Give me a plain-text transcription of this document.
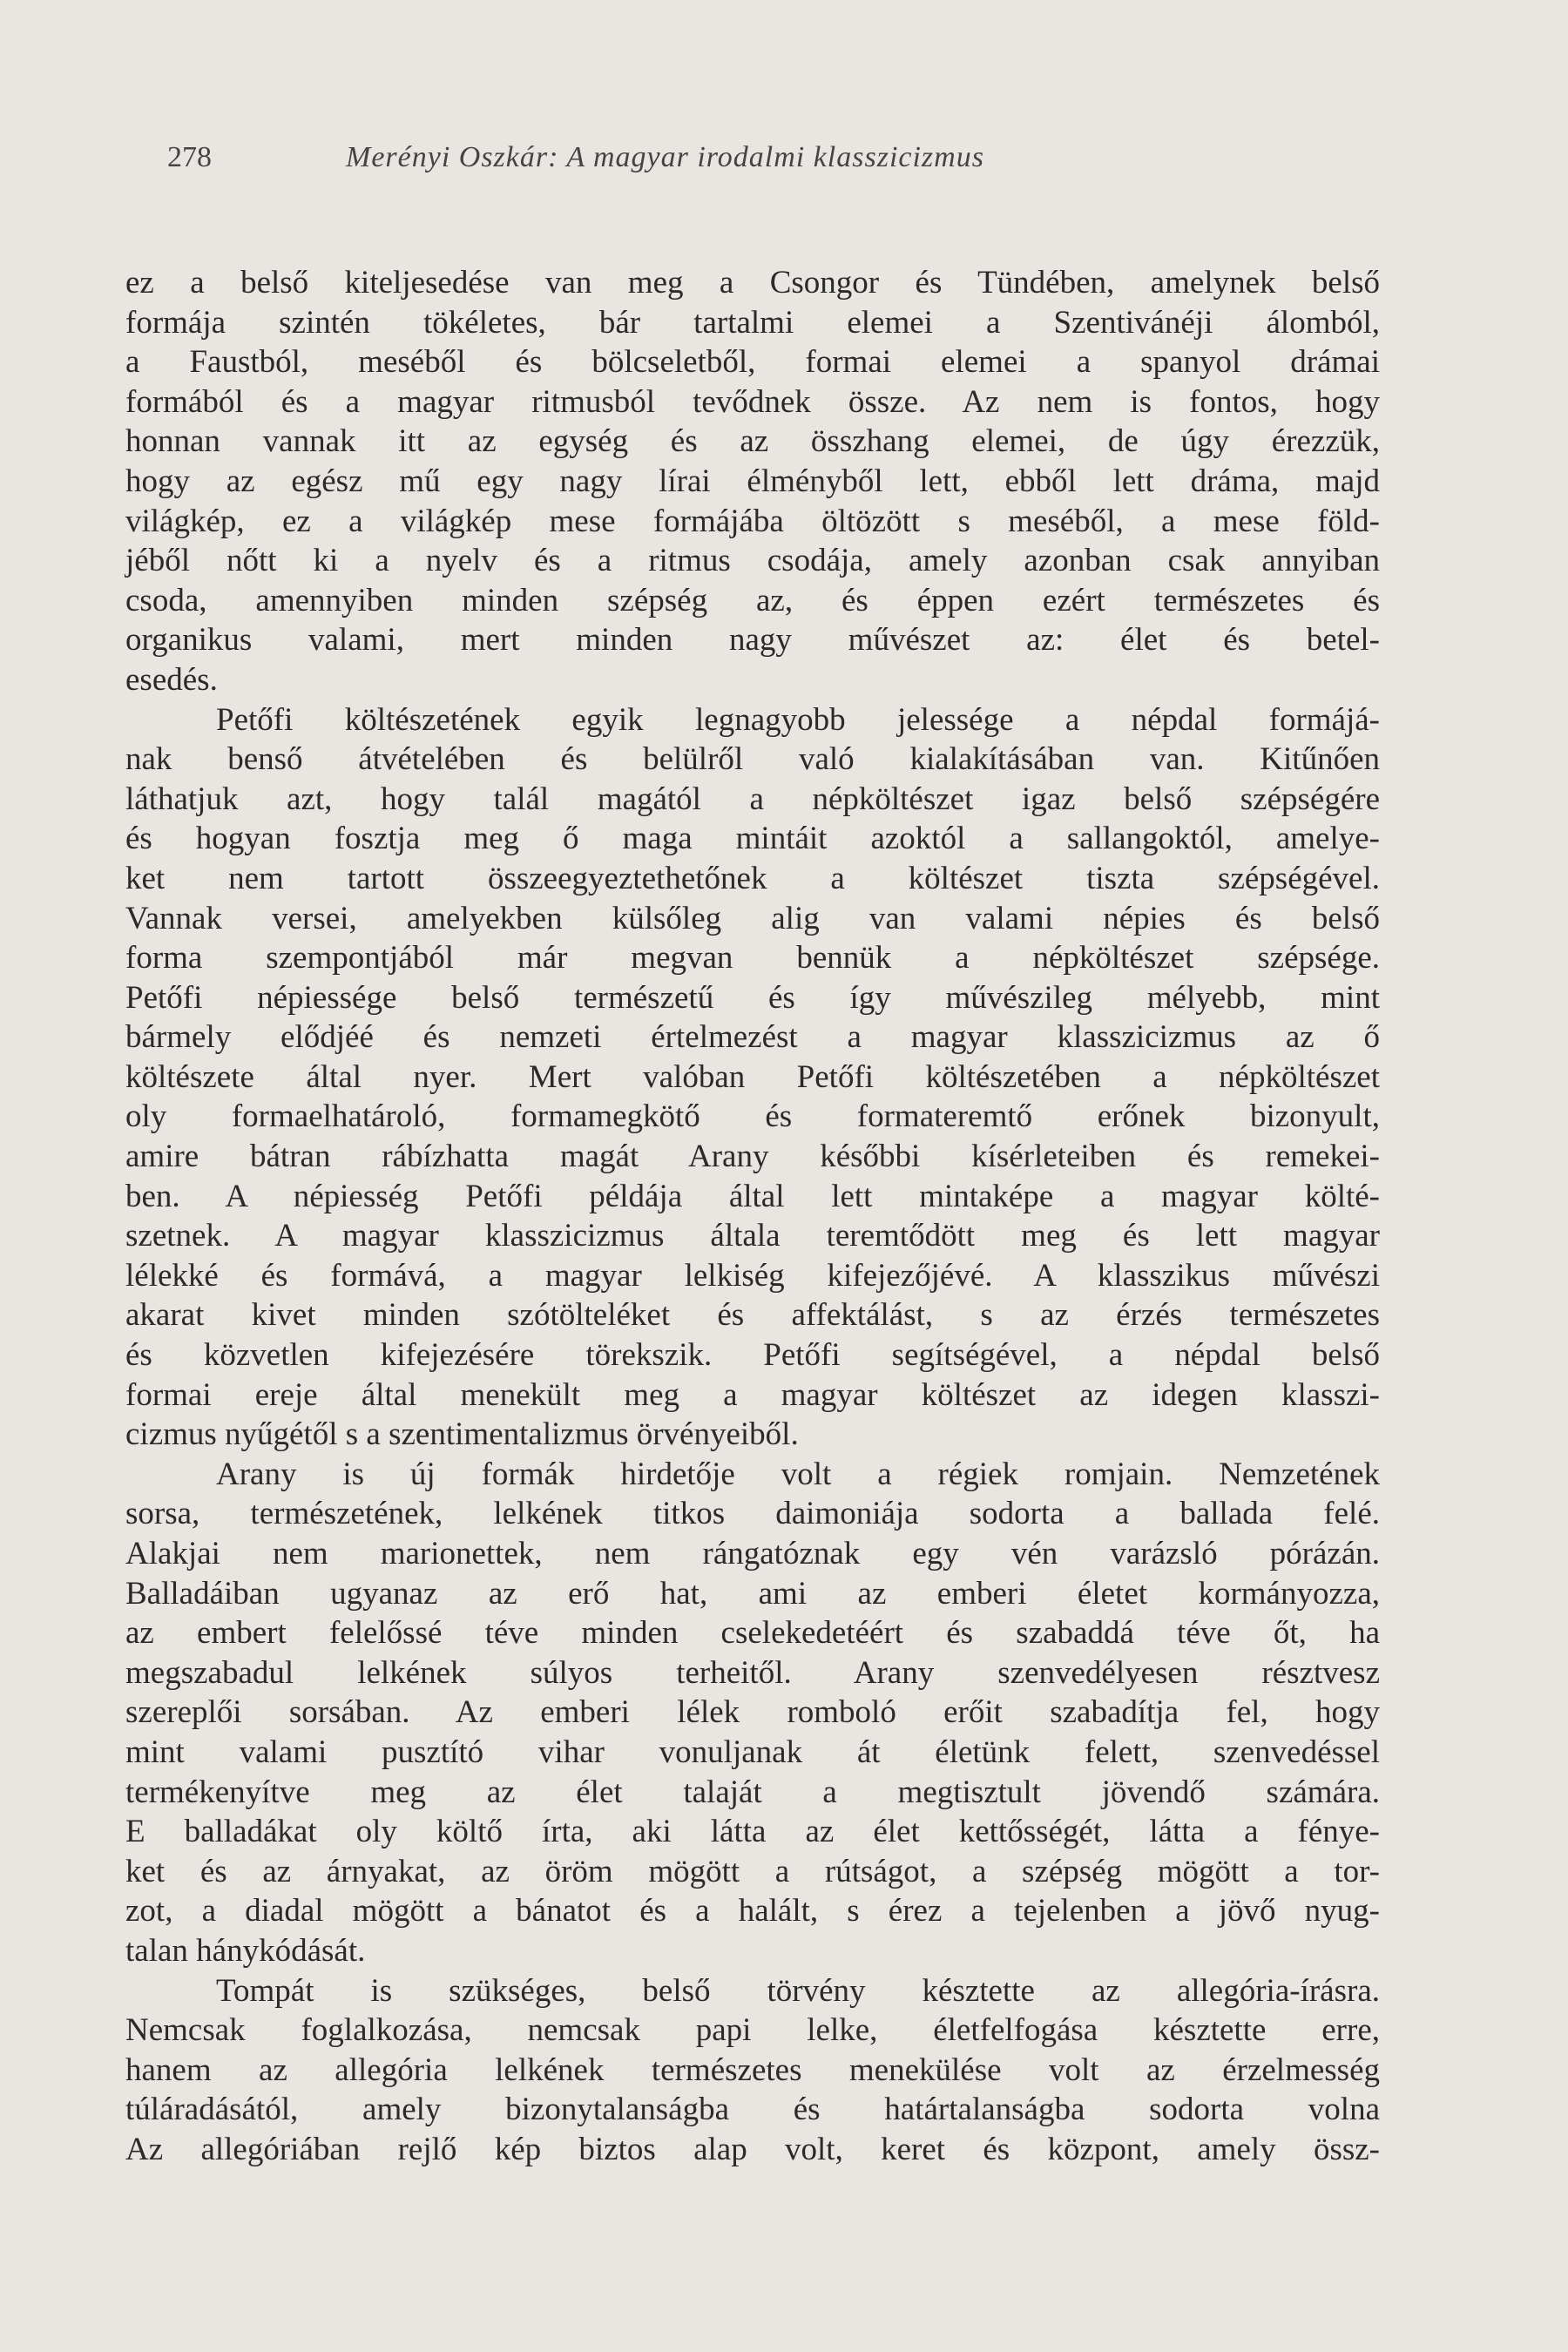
278	Merényi Oszkár: A magyar irodalmi klasszicizmus
ez a belső kiteljesedése van meg a Csongor és Tündében, amelynek belső
formája szintén tökéletes, bár tartalmi elemei a Szentivánéji álomból,
a Faustból, meséből és bölcseletből, formai elemei a spanyol drámai
formából és a magyar ritmusból tevődnek össze. Az nem is fontos, hogy
honnan vannak itt az egység és az összhang elemei, de úgy érezzük,
hogy az egész mű egy nagy lírai élményből lett, ebből lett dráma, majd
világkép, ez a világkép mese formájába öltözött s meséből, a mese föld-
jéből nőtt ki a nyelv és a ritmus csodája, amely azonban csak annyiban
csoda, amennyiben minden szépség az, és éppen ezért természetes és
organikus valami, mert minden nagy művészet az: élet és betel-
esedés.
Petőfi költészetének egyik legnagyobb jelessége a népdal formájá-
nak benső átvételében és belülről való kialakításában van. Kitűnően
láthatjuk azt, hogy talál magától a népköltészet igaz belső szépségére
és hogyan fosztja meg ő maga mintáit azoktól a sallangoktól, amelye-
ket nem tartott összeegyeztethetőnek a költészet tiszta szépségével.
Vannak versei, amelyekben külsőleg alig van valami népies és belső
forma szempontjából már megvan bennük a népköltészet szépsége.
Petőfi népiessége belső természetű és így művészileg mélyebb, mint
bármely elődjéé és nemzeti értelmezést a magyar klasszicizmus az ő
költészete által nyer. Mert valóban Petőfi költészetében a népköltészet
oly formaelhatároló, formamegkötő és formateremtő erőnek bizonyult,
amire bátran rábízhatta magát Arany későbbi kísérleteiben és remekei-
ben. A népiesség Petőfi példája által lett mintaképe a magyar költé-
szetnek. A magyar klasszicizmus általa teremtődött meg és lett magyar
lélekké és formává, a magyar lelkiség kifejezőjévé. A klasszikus művészi
akarat kivet minden szótölteléket és affektálást, s az érzés természetes
és közvetlen kifejezésére törekszik. Petőfi segítségével, a népdal belső
formai ereje által menekült meg a magyar költészet az idegen klasszi-
cizmus nyűgétől s a szentimentalizmus örvényeiből.
Arany is új formák hirdetője volt a régiek romjain. Nemzetének
sorsa, természetének, lelkének titkos daimoniája sodorta a ballada felé.
Alakjai nem marionettek, nem rángatóznak egy vén varázsló pórázán.
Balladáiban ugyanaz az erő hat, ami az emberi életet kormányozza,
az embert felelőssé téve minden cselekedetéért és szabaddá téve őt, ha
megszabadul lelkének súlyos terheitől. Arany szenvedélyesen résztvesz
szereplői sorsában. Az emberi lélek romboló erőit szabadítja fel, hogy
mint valami pusztító vihar vonuljanak át életünk felett, szenvedéssel
termékenyítve meg az élet talaját a megtisztult jövendő számára.
E balladákat oly költő írta, aki látta az élet kettősségét, látta a fénye-
ket és az árnyakat, az öröm mögött a rútságot, a szépség mögött a tor-
zot, a diadal mögött a bánatot és a halált, s érez a tejelenben a jövő nyug-
talan hánykódását.
Tompát is szükséges, belső törvény késztette az allegória-írásra.
Nemcsak foglalkozása, nemcsak papi lelke, életfelfogása késztette erre,
hanem az allegória lelkének természetes menekülése volt az érzelmesség
túláradásától, amely bizonytalanságba és határtalanságba sodorta volna
Az allegóriában rejlő kép biztos alap volt, keret és központ, amely össz-
